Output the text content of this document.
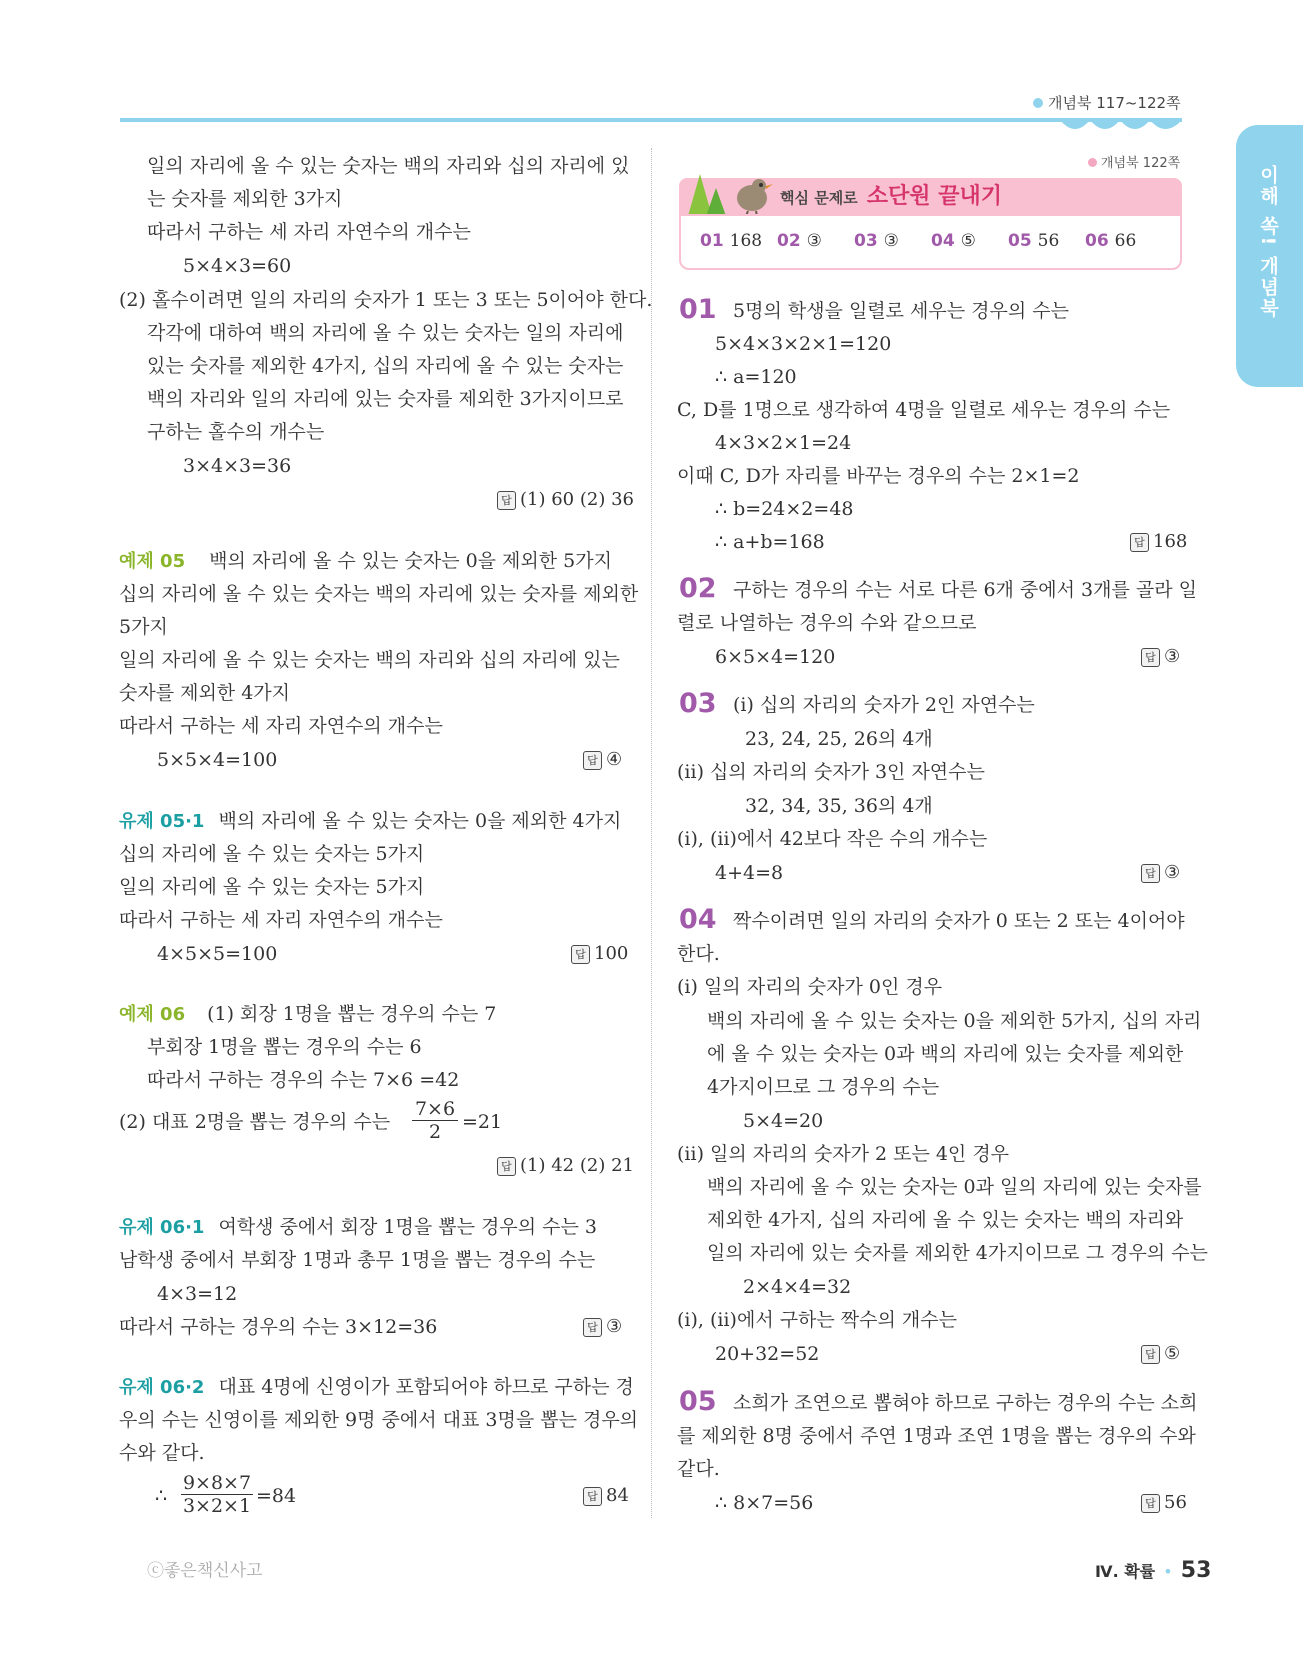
개념북 117~122쪽
이해 쏙! 개념북
일의 자리에 올 수 있는 숫자는 백의 자리와 십의 자리에 있
는 숫자를 제외한 3가지
따라서 구하는 세 자리 자연수의 개수는
5×4×3=60
(2) 홀수이려면 일의 자리의 숫자가 1 또는 3 또는 5이어야 한다.
각각에 대하여 백의 자리에 올 수 있는 숫자는 일의 자리에
있는 숫자를 제외한 4가지, 십의 자리에 올 수 있는 숫자는
백의 자리와 일의 자리에 있는 숫자를 제외한 3가지이므로
구하는 홀수의 개수는
3×4×3=36
답 (1) 60 (2) 36
예제 05 백의 자리에 올 수 있는 숫자는 0을 제외한 5가지
십의 자리에 올 수 있는 숫자는 백의 자리에 있는 숫자를 제외한
5가지
일의 자리에 올 수 있는 숫자는 백의 자리와 십의 자리에 있는
숫자를 제외한 4가지
따라서 구하는 세 자리 자연수의 개수는
5×5×4=100	답 ④
유제 05·1 백의 자리에 올 수 있는 숫자는 0을 제외한 4가지
십의 자리에 올 수 있는 숫자는 5가지
일의 자리에 올 수 있는 숫자는 5가지
따라서 구하는 세 자리 자연수의 개수는
4×5×5=100	답 100
예제 06 (1) 회장 1명을 뽑는 경우의 수는 7
부회장 1명을 뽑는 경우의 수는 6
따라서 구하는 경우의 수는 7×6 =42
(2) 대표 2명을 뽑는 경우의 수는
7×6
2	=21
답 (1) 42 (2) 21
유제 06·1 여학생 중에서 회장 1명을 뽑는 경우의 수는 3
남학생 중에서 부회장 1명과 총무 1명을 뽑는 경우의 수는
4×3=12
따라서 구하는 경우의 수는 3×12=36	답 ③
유제 06·2 대표 4명에 신영이가 포함되어야 하므로 구하는 경
우의 수는 신영이를 제외한 9명 중에서 대표 3명을 뽑는 경우의
수와 같다.
∴
9×8×7
3×2×1 =84	답 84
개념북 122쪽
핵심 문제로 소단원 끝내기
01 168 02 ③ 03 ③ 04 ⑤ 05 56 06 66
01 5명의 학생을 일렬로 세우는 경우의 수는
5×4×3×2×1=120
∴ a=120
C, D를 1명으로 생각하여 4명을 일렬로 세우는 경우의 수는
4×3×2×1=24
이때 C, D가 자리를 바꾸는 경우의 수는 2×1=2
∴ b=24×2=48
∴ a+b=168	답 168
02 구하는 경우의 수는 서로 다른 6개 중에서 3개를 골라 일
렬로 나열하는 경우의 수와 같으므로
6×5×4=120	답 ③
03 (ⅰ) 십의 자리의 숫자가 2인 자연수는
23, 24, 25, 26의 4개
(ⅱ) 십의 자리의 숫자가 3인 자연수는
32, 34, 35, 36의 4개
(ⅰ), (ⅱ)에서 42보다 작은 수의 개수는
4+4=8	답 ③
04 짝수이려면 일의 자리의 숫자가 0 또는 2 또는 4이어야
한다.
(ⅰ) 일의 자리의 숫자가 0인 경우
백의 자리에 올 수 있는 숫자는 0을 제외한 5가지, 십의 자리
에 올 수 있는 숫자는 0과 백의 자리에 있는 숫자를 제외한
4가지이므로 그 경우의 수는
5×4=20
(ⅱ) 일의 자리의 숫자가 2 또는 4인 경우
백의 자리에 올 수 있는 숫자는 0과 일의 자리에 있는 숫자를
제외한 4가지, 십의 자리에 올 수 있는 숫자는 백의 자리와
일의 자리에 있는 숫자를 제외한 4가지이므로 그 경우의 수는
2×4×4=32
(ⅰ), (ⅱ)에서 구하는 짝수의 개수는
20+32=52	답 ⑤
05 소희가 조연으로 뽑혀야 하므로 구하는 경우의 수는 소희
를 제외한 8명 중에서 주연 1명과 조연 1명을 뽑는 경우의 수와
같다.
∴ 8×7=56	답 56
ⓒ좋은책신사고	Ⅳ. 확률 • 53
